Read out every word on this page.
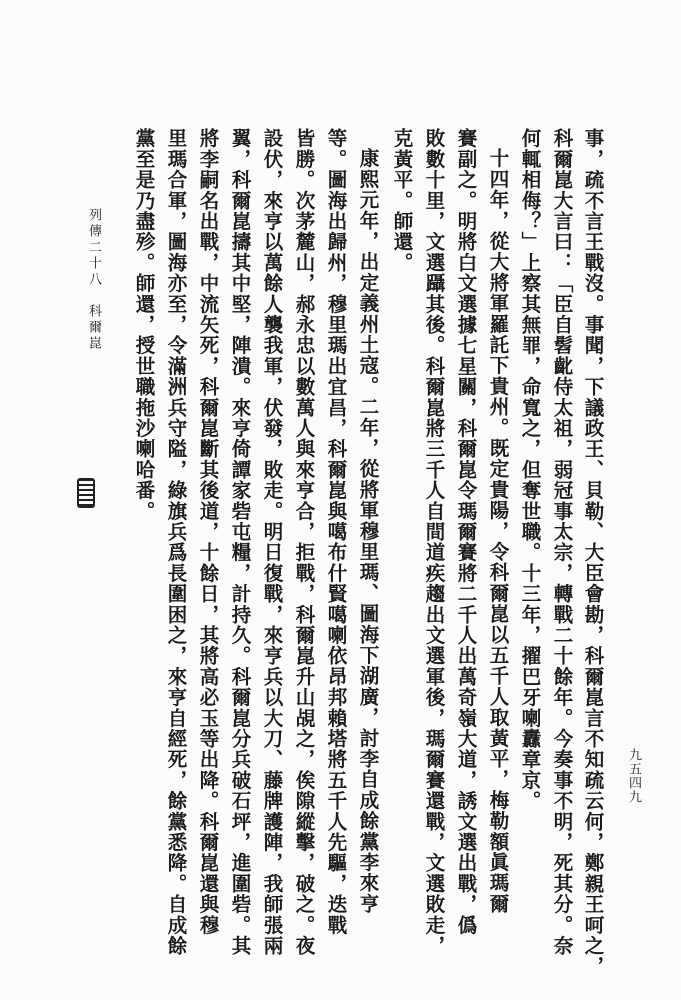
列傳二十八　科爾崑
九五四九
事，疏不言王戰沒。事聞，下議政王、貝勒、大臣會勘，科爾崑言不知疏云何，鄭親王呵之，
科爾崑大言曰：「臣自髫齔侍太祖，弱冠事太宗，轉戰二十餘年。今奏事不明，死其分。奈
何輒相侮？」上察其無罪，命寬之，但奪世職。十三年，擢巴牙喇纛章京。
十四年，從大將軍羅託下貴州。既定貴陽，令科爾崑以五千人取黃平，梅勒額眞瑪爾
賽副之。明將白文選據七星關，科爾崑令瑪爾賽將二千人出萬奇嶺大道，誘文選出戰，僞
敗數十里，文選躡其後。科爾崑將三千人自間道疾趨出文選軍後，瑪爾賽還戰，文選敗走，
克黃平。師還。
康熙元年，出定義州土寇。二年，從將軍穆里瑪、圖海下湖廣，討李自成餘黨李來亨
等。圖海出歸州，穆里瑪出宜昌，科爾崑與噶布什賢噶喇依昂邦賴塔將五千人先驅，迭戰
皆勝。次茅麓山，郝永忠以數萬人與來亨合，拒戰，科爾崑升山覘之，俟隙縱擊，破之。夜
設伏，來亨以萬餘人襲我軍，伏發，敗走。明日復戰，來亨兵以大刀、藤牌護陣，我師張兩
翼，科爾崑擣其中堅，陣潰。來亨倚譚家砦屯糧，計持久。科爾崑分兵破石坪，進圍砦。其
將李嗣名出戰，中流矢死，科爾崑斷其後道，十餘日，其將高必玉等出降。科爾崑還與穆
里瑪合軍，圖海亦至，令滿洲兵守隘，綠旗兵爲長圍困之，來亨自經死，餘黨悉降。自成餘
黨至是乃盡殄。師還，授世職拖沙喇哈番。
